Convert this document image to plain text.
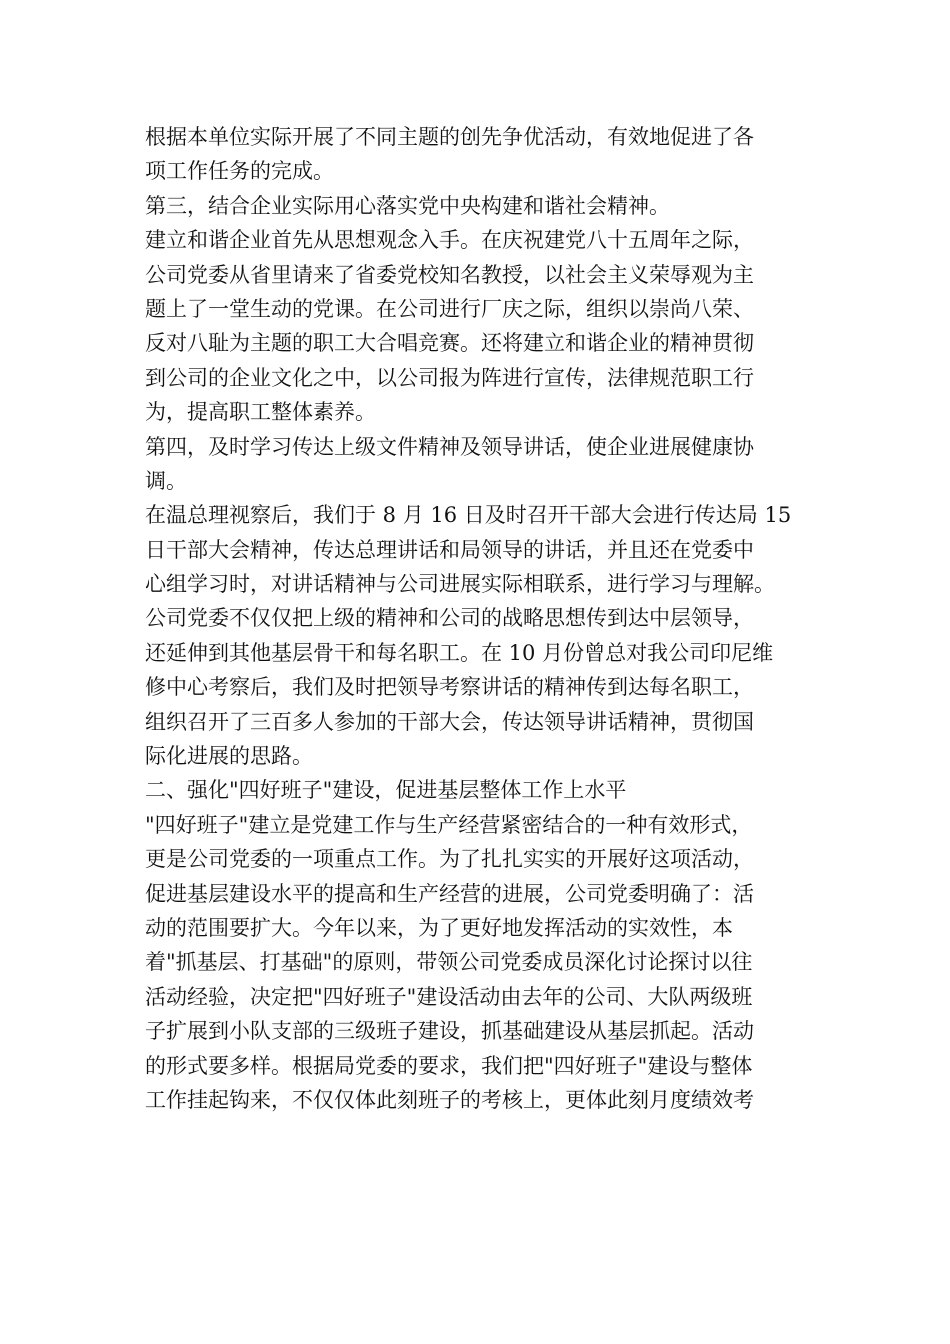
根据本单位实际开展了不同主题的创先争优活动，有效地促进了各
项工作任务的完成。
第三，结合企业实际用心落实党中央构建和谐社会精神。
建立和谐企业首先从思想观念入手。在庆祝建党八十五周年之际，
公司党委从省里请来了省委党校知名教授，以社会主义荣辱观为主
题上了一堂生动的党课。在公司进行厂庆之际，组织以崇尚八荣、
反对八耻为主题的职工大合唱竞赛。还将建立和谐企业的精神贯彻
到公司的企业文化之中，以公司报为阵进行宣传，法律规范职工行
为，提高职工整体素养。
第四，及时学习传达上级文件精神及领导讲话，使企业进展健康协
调。
在温总理视察后，我们于 8 月 16 日及时召开干部大会进行传达局 15
日干部大会精神，传达总理讲话和局领导的讲话，并且还在党委中
心组学习时，对讲话精神与公司进展实际相联系，进行学习与理解。
公司党委不仅仅把上级的精神和公司的战略思想传到达中层领导，
还延伸到其他基层骨干和每名职工。在 10 月份曾总对我公司印尼维
修中心考察后，我们及时把领导考察讲话的精神传到达每名职工，
组织召开了三百多人参加的干部大会，传达领导讲话精神，贯彻国
际化进展的思路。
二、强化"四好班子"建设，促进基层整体工作上水平
"四好班子"建立是党建工作与生产经营紧密结合的一种有效形式，
更是公司党委的一项重点工作。为了扎扎实实的开展好这项活动，
促进基层建设水平的提高和生产经营的进展，公司党委明确了：活
动的范围要扩大。今年以来，为了更好地发挥活动的实效性，本
着"抓基层、打基础"的原则，带领公司党委成员深化讨论探讨以往
活动经验，决定把"四好班子"建设活动由去年的公司、大队两级班
子扩展到小队支部的三级班子建设，抓基础建设从基层抓起。活动
的形式要多样。根据局党委的要求，我们把"四好班子"建设与整体
工作挂起钩来，不仅仅体此刻班子的考核上，更体此刻月度绩效考
